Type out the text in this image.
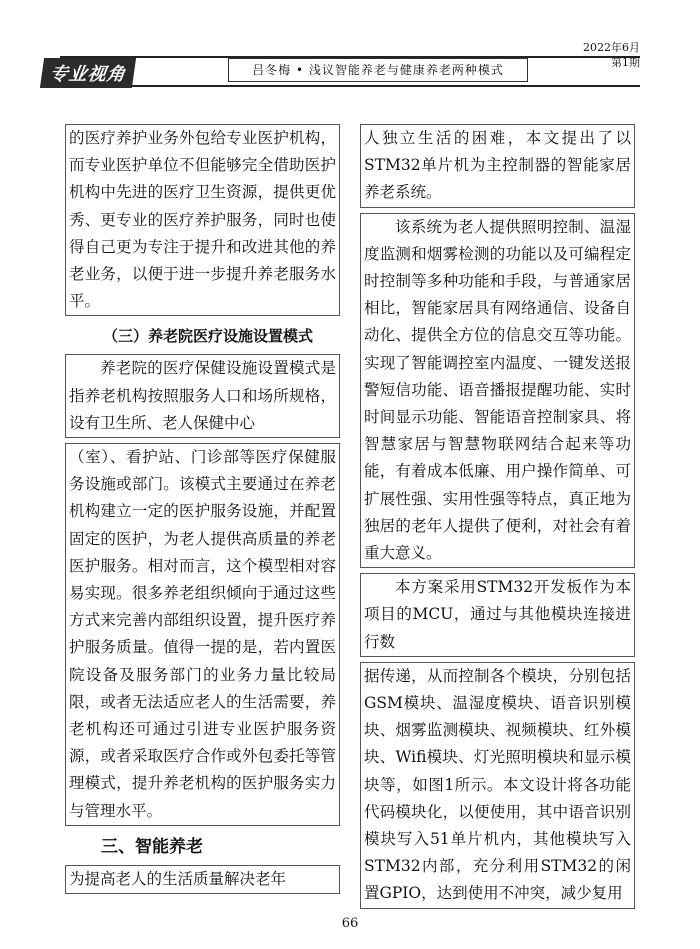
专业视角	吕冬梅 • 浅议智能养老与健康养老两种模式
2022年6月
第1期

的医疗养护业务外包给专业医护机构，而专业医护单位不但能够完全借助医护机构中先进的医疗卫生资源，提供更优秀、更专业的医疗养护服务，同时也使得自己更为专注于提升和改进其他的养老业务，以便于进一步提升养老服务水平。

（三）养老院医疗设施设置模式

养老院的医疗保健设施设置模式是指养老机构按照服务人口和场所规格，设有卫生所、老人保健中心

（室）、看护站、门诊部等医疗保健服务设施或部门。该模式主要通过在养老机构建立一定的医护服务设施，并配置固定的医护，为老人提供高质量的养老医护服务。相对而言，这个模型相对容易实现。很多养老组织倾向于通过这些方式来完善内部组织设置，提升医疗养护服务质量。值得一提的是，若内置医院设备及服务部门的业务力量比较局限，或者无法适应老人的生活需要，养老机构还可通过引进专业医护服务资源，或者采取医疗合作或外包委托等管理模式，提升养老机构的医护服务实力与管理水平。

三、智能养老

为提高老人的生活质量解决老年

人独立生活的困难，本文提出了以STM32单片机为主控制器的智能家居养老系统。

该系统为老人提供照明控制、温湿度监测和烟雾检测的功能以及可编程定时控制等多种功能和手段，与普通家居相比，智能家居具有网络通信、设备自动化、提供全方位的信息交互等功能。实现了智能调控室内温度、一键发送报警短信功能、语音播报提醒功能、实时时间显示功能、智能语音控制家具、将智慧家居与智慧物联网结合起来等功能，有着成本低廉、用户操作简单、可扩展性强、实用性强等特点，真正地为独居的老年人提供了便利，对社会有着重大意义。

本方案采用STM32开发板作为本项目的MCU，通过与其他模块连接进行数

据传递，从而控制各个模块，分别包括GSM模块、温湿度模块、语音识别模块、烟雾监测模块、视频模块、红外模块、Wifi模块、灯光照明模块和显示模块等，如图1所示。本文设计将各功能代码模块化，以便使用，其中语音识别模块写入51单片机内，其他模块写入STM32内部，充分利用STM32的闲置GPIO，达到使用不冲突，减少复用

66
